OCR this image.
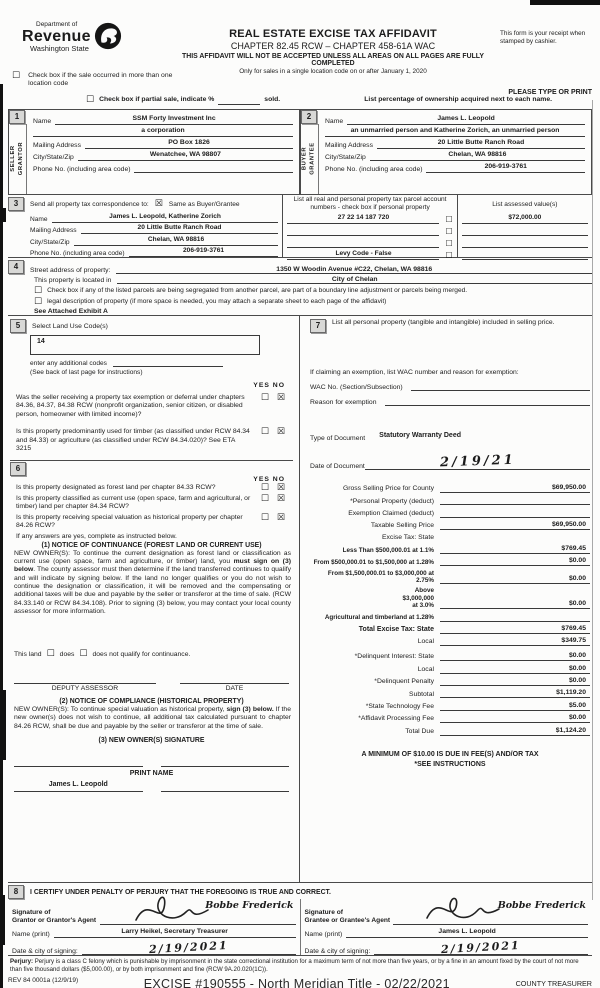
Department of
Revenue
Washington State
REAL ESTATE EXCISE TAX AFFIDAVIT
CHAPTER 82.45 RCW – CHAPTER 458-61A WAC
THIS AFFIDAVIT WILL NOT BE ACCEPTED UNLESS ALL AREAS ON ALL PAGES ARE FULLY COMPLETED
Only for sales in a single location code on or after January 1, 2020
This form is your receipt when stamped by cashier.
☐ Check box if the sale occurred in more than one location code
PLEASE TYPE OR PRINT
☐ Check box if partial sale, indicate %	sold.	List percentage of ownership acquired next to each name.
1
SELLER GRANTOR
Name	SSM Forty Investment Inc
a corporation
Mailing Address	PO Box 1826
City/State/Zip	Wenatchee, WA 98807
Phone No. (including area code)
2
BUYER GRANTEE
Name	James L. Leopold
an unmarried person and Katherine Zorich, an unmarried person
Mailing Address	20 Little Butte Ranch Road
City/State/Zip	Chelan, WA 98816
Phone No. (including area code)	206-919-3761
3	Send all property tax correspondence to: ☒ Same as Buyer/Grantee
Name	James L. Leopold, Katherine Zorich
Mailing Address	20 Little Butte Ranch Road
City/State/Zip	Chelan, WA 98816
Phone No. (including area code)	206-919-3761
List all real and personal property tax parcel account numbers - check box if personal property
27 22 14 187 720	☐
☐
☐
Levy Code - False	☐
List assessed value(s)
$72,000.00
4	Street address of property:	1350 W Woodin Avenue #C22, Chelan, WA 98816
This property is located in	City of Chelan
☐ Check box if any of the listed parcels are being segregated from another parcel, are part of a boundary line adjustment or parcels being merged.
☐ legal description of property (if more space is needed, you may attach a separate sheet to each page of the affidavit)
See Attached Exhibit A
5	Select Land Use Code(s)
14
enter any additional codes
(See back of last page for instructions)
YES NO
Was the seller receiving a property tax exemption or deferral under chapters 84.36, 84.37, 84.38 RCW (nonprofit organization, senior citizen, or disabled person, homeowner with limited income)?
☐ ☒
Is this property predominantly used for timber (as classified under RCW 84.34 and 84.33) or agriculture (as classified under RCW 84.34.020)? See ETA 3215
☐ ☒
6
YES NO
Is this property designated as forest land per chapter 84.33 RCW?	☐ ☒
Is this property classified as current use (open space, farm and agricultural, or timber) land per chapter 84.34 RCW?
☐ ☒
Is this property receiving special valuation as historical property per chapter 84.26 RCW?
☐ ☒
If any answers are yes, complete as instructed below.
(1) NOTICE OF CONTINUANCE (FOREST LAND OR CURRENT USE)
NEW OWNER(S): To continue the current designation as forest land or classification as current use (open space, farm and agriculture, or timber) land, you must sign on (3) below. The county assessor must then determine if the land transferred continues to qualify and will indicate by signing below. If the land no longer qualifies or you do not wish to continue the designation or classification, it will be removed and the compensating or additional taxes will be due and payable by the seller or transferor at the time of sale. (RCW 84.33.140 or RCW 84.34.108). Prior to signing (3) below, you may contact your local county assessor for more information.
This land ☐ does ☐ does not qualify for continuance.
DEPUTY ASSESSOR	DATE
(2) NOTICE OF COMPLIANCE (HISTORICAL PROPERTY)
NEW OWNER(S): To continue special valuation as historical property, sign (3) below. If the new owner(s) does not wish to continue, all additional tax calculated pursuant to chapter 84.26 RCW, shall be due and payable by the seller or transferor at the time of sale.
(3) NEW OWNER(S) SIGNATURE
PRINT NAME
James L. Leopold
7	List all personal property (tangible and intangible) included in selling price.
If claiming an exemption, list WAC number and reason for exemption:
WAC No. (Section/Subsection)
Reason for exemption
Type of Document	Statutory Warranty Deed
Date of Document	2/19/21
Gross Selling Price for County	$69,950.00
*Personal Property (deduct)
Exemption Claimed (deduct)
Taxable Selling Price	$69,950.00
Excise Tax: State
Less Than $500,000.01 at 1.1%	$769.45
From $500,000.01 to $1,500,000 at 1.28%	$0.00
From $1,500,000.01 to $3,000,000 at 2.75%	$0.00
Above $3,000,000 at 3.0%	$0.00
Agricultural and timberland at 1.28%
Total Excise Tax: State	$769.45
Local	$349.75
*Delinquent Interest: State	$0.00
Local	$0.00
*Delinquent Penalty	$0.00
Subtotal	$1,119.20
*State Technology Fee	$5.00
*Affidavit Processing Fee	$0.00
Total Due	$1,124.20
A MINIMUM OF $10.00 IS DUE IN FEE(S) AND/OR TAX
*SEE INSTRUCTIONS
8	I CERTIFY UNDER PENALTY OF PERJURY THAT THE FOREGOING IS TRUE AND CORRECT.
Signature of
Grantor or Grantor's Agent
Bobbe Frederick
Name (print)	Larry Heikel, Secretary Treasurer
Date & city of signing:	2/19/2021
Signature of
Grantee or Grantee's Agent
Bobbe Frederick
Name (print)	James L. Leopold
Date & city of signing:	2/19/2021
Perjury: Perjury is a class C felony which is punishable by imprisonment in the state correctional institution for a maximum term of not more than five years, or by a fine in an amount fixed by the court of not more than five thousand dollars ($5,000.00), or by both imprisonment and fine (RCW 9A.20.020(1C)).
REV 84 0001a (12/9/19)	EXCISE #190555 - North Meridian Title - 02/22/2021	COUNTY TREASURER
